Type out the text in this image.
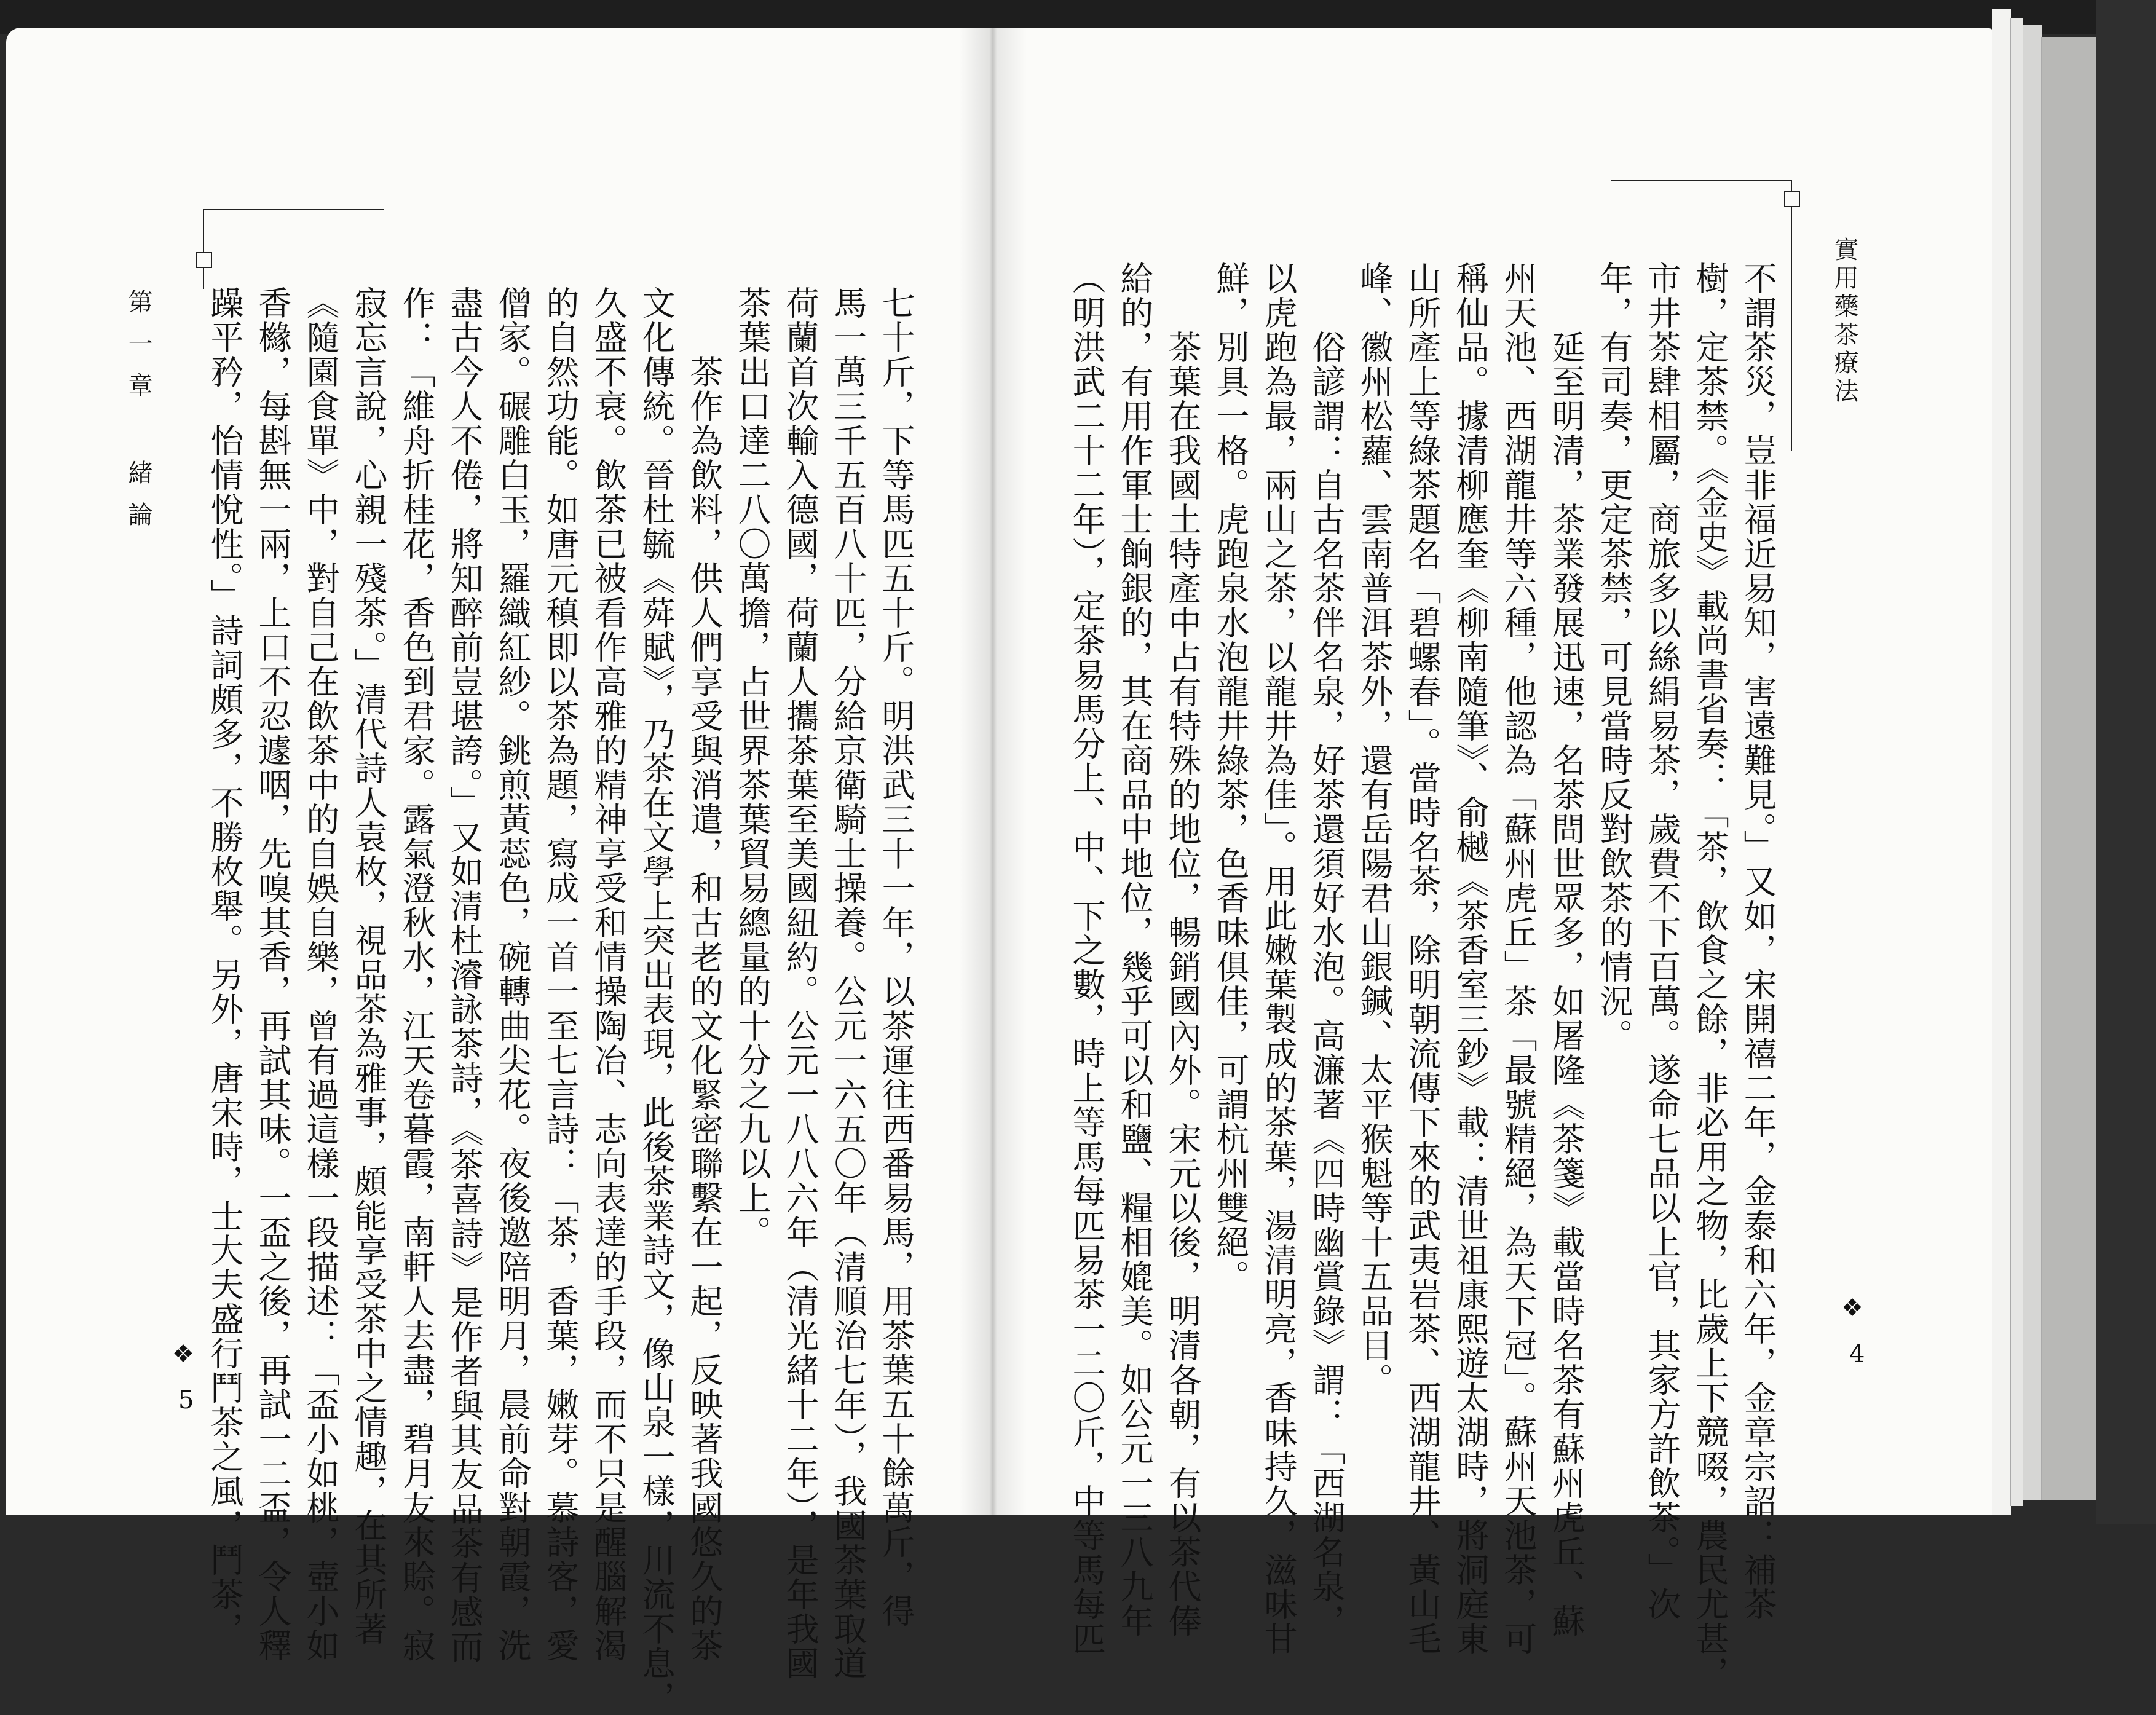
第一章 緒論
❖
5	七十斤，下等馬匹五十斤。明洪武三十一年，以茶運往西番易馬，用茶葉五十餘萬斤，得
馬一萬三千五百八十匹，分給京衛騎士操養。公元一六五〇年（清順治七年），我國茶葉取道
荷蘭首次輸入德國，荷蘭人攜茶葉至美國紐約。公元一八八六年（清光緒十二年），是年我國
茶葉出口達二八〇萬擔，占世界茶葉貿易總量的十分之九以上。
　　茶作為飲料，供人們享受與消遣，和古老的文化緊密聯繫在一起，反映著我國悠久的茶
文化傳統。晉杜毓《荈賦》，乃茶在文學上突出表現，此後茶業詩文，像山泉一樣，川流不息，
久盛不衰。飲茶已被看作高雅的精神享受和情操陶冶、志向表達的手段，而不只是醒腦解渴
的自然功能。如唐元稹即以茶為題，寫成一首一至七言詩：「茶，香葉，嫩芽。慕詩客，愛
僧家。碾雕白玉，羅織紅紗。銚煎黃蕊色，碗轉曲尖花。夜後邀陪明月，晨前命對朝霞，洗
盡古今人不倦，將知醉前豈堪誇。」又如清杜濬詠茶詩，《茶喜詩》是作者與其友品茶有感而
作：「維舟折桂花，香色到君家。露氣澄秋水，江天卷暮霞，南軒人去盡，碧月友來賒。寂
寂忘言說，心親一殘茶。」清代詩人袁枚，視品茶為雅事，頗能享受茶中之情趣，在其所著
《隨園食單》中，對自己在飲茶中的自娛自樂，曾有過這樣一段描述：「盃小如桃，壺小如
香櫞，每斟無一兩，上口不忍遽咽，先嗅其香，再試其味。一盃之後，再試一二盃，令人釋
躁平矜，怡情悅性。」詩詞頗多，不勝枚舉。另外，唐宋時，士大夫盛行鬥茶之風，鬥茶，	實用藥茶療法
❖
4
不謂茶災，豈非福近易知，害遠難見。」又如，宋開禧二年，金泰和六年，金章宗詔：補茶
樹，定茶禁。《金史》載尚書省奏：「茶，飲食之餘，非必用之物，比歲上下競啜，農民尤甚，
市井茶肆相屬，商旅多以絲絹易茶，歲費不下百萬。遂命七品以上官，其家方許飲茶。」次
年，有司奏，更定茶禁，可見當時反對飲茶的情況。
　　延至明清，茶業發展迅速，名茶問世眾多，如屠隆《茶箋》載當時名茶有蘇州虎丘、蘇
州天池、西湖龍井等六種，他認為「蘇州虎丘」茶「最號精絕，為天下冠」。蘇州天池茶，可
稱仙品。據清柳應奎《柳南隨筆》、俞樾《茶香室三鈔》載：清世祖康熙遊太湖時，將洞庭東
山所產上等綠茶題名「碧螺春」。當時名茶，除明朝流傳下來的武夷岩茶、西湖龍井、黃山毛
峰、徽州松蘿、雲南普洱茶外，還有岳陽君山銀鍼、太平猴魁等十五品目。
　　俗諺謂：自古名茶伴名泉，好茶還須好水泡。高濂著《四時幽賞錄》謂：「西湖名泉，
以虎跑為最，兩山之茶，以龍井為佳」。用此嫩葉製成的茶葉，湯清明亮，香味持久，滋味甘
鮮，別具一格。虎跑泉水泡龍井綠茶，色香味俱佳，可謂杭州雙絕。
　　茶葉在我國土特產中占有特殊的地位，暢銷國內外。宋元以後，明清各朝，有以茶代俸
給的，有用作軍士餉銀的，其在商品中地位，幾乎可以和鹽、糧相媲美。如公元一三八九年
（明洪武二十二年），定茶易馬分上、中、下之數，時上等馬每匹易茶一二〇斤，中等馬每匹
